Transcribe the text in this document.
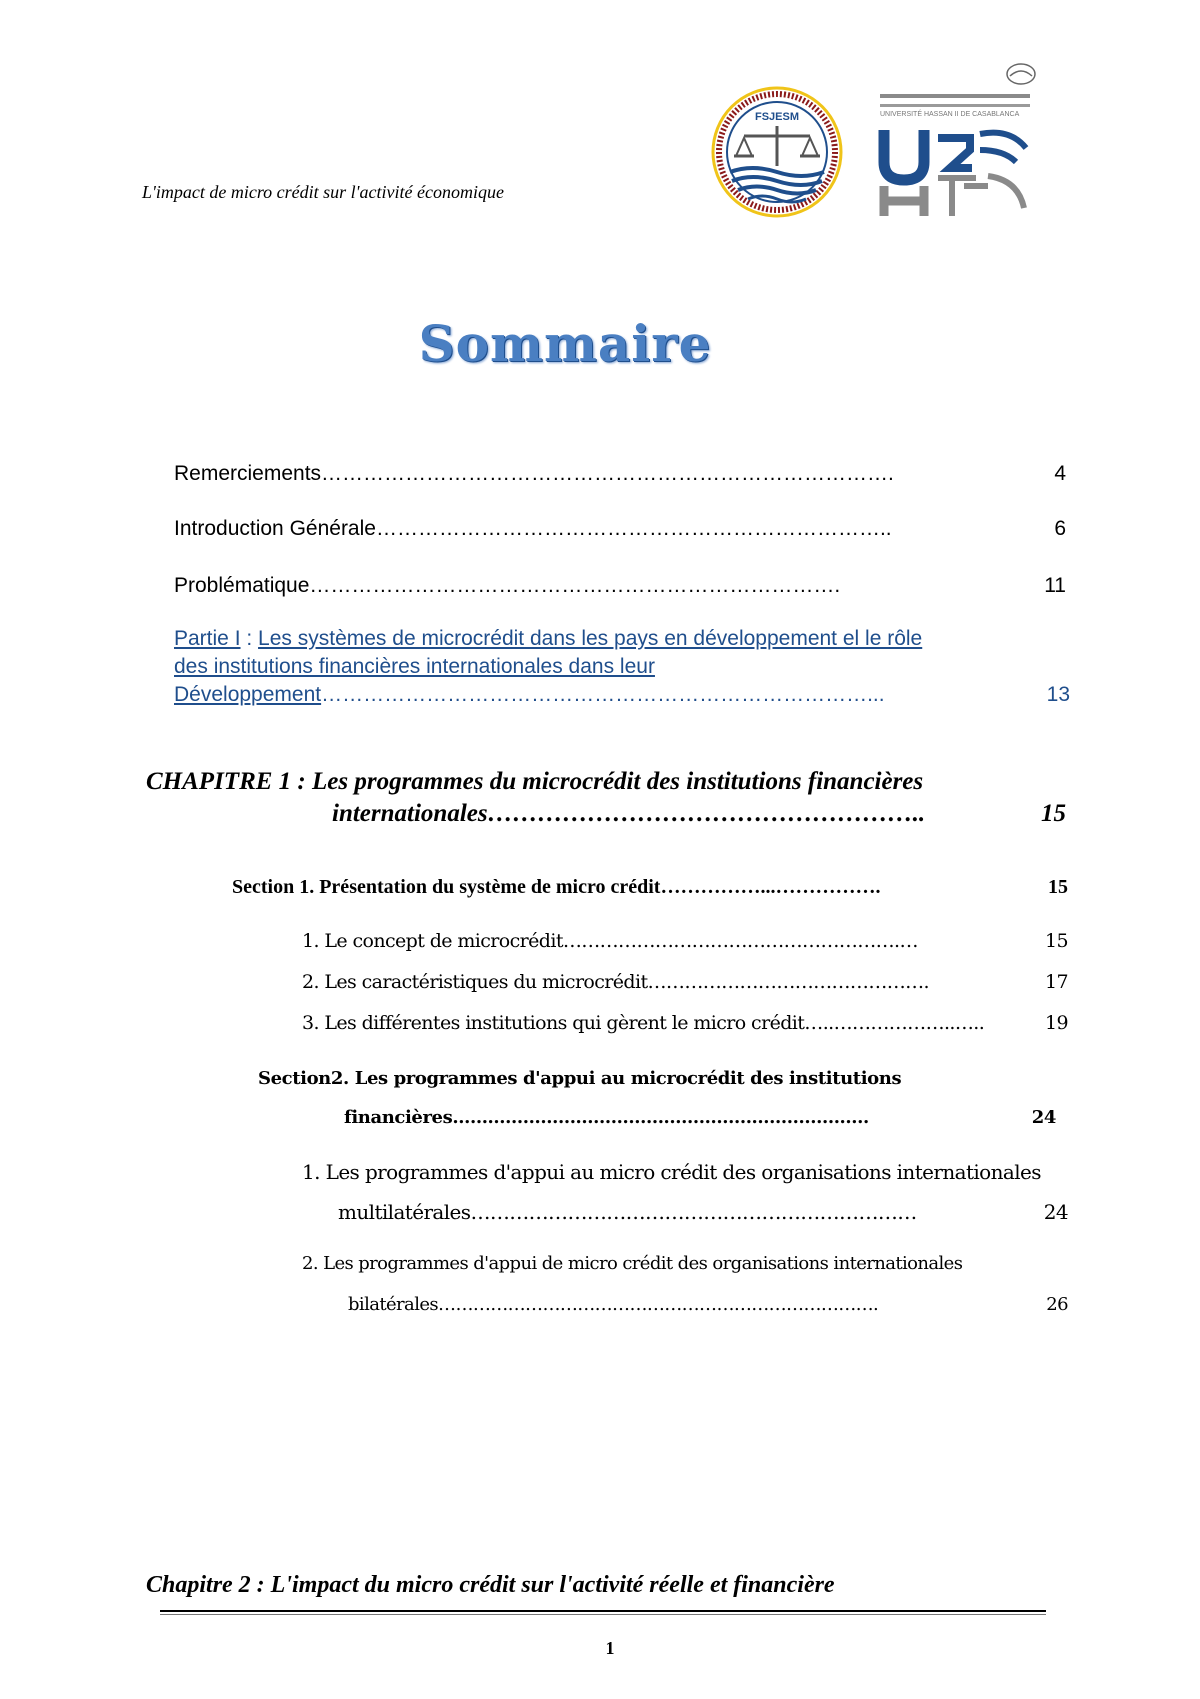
L'impact de micro crédit sur l'activité économique
FSJESM	UNIVERSITÉ HASSAN II DE CASABLANCA
UH2
Sommaire
Remerciements ……………………………………………………………………….	4
Introduction Générale ………………………………………………………………..	6
Problématique ………………………………………………………………….	11
Partie I : Les systèmes de microcrédit dans les pays en développement el le rôle
des institutions financières internationales dans leur
Développement ……………………………………………………………………...	13
CHAPITRE 1 : Les programmes du microcrédit des institutions financières
internationales ……………………………………………..	15
Section 1. Présentation du système de micro crédit ……………...…………….	15
1. Le concept de microcrédit ……………………………………………….…	15
2. Les caractéristiques du microcrédit ……………………………………….	17
3. Les différentes institutions qui gèrent le micro crédit …..………………..…..	19
Section2. Les programmes d'appui au microcrédit des institutions
financières ……………………………………………………………..	24
1. Les programmes d'appui au micro crédit des organisations internationales
multilatérales ……………………………………………………………	24
2. Les programmes d'appui de micro crédit des organisations internationales
bilatérales ………………………………………………………………….	26
Chapitre 2 : L'impact du micro crédit sur l'activité réelle et financière
1
